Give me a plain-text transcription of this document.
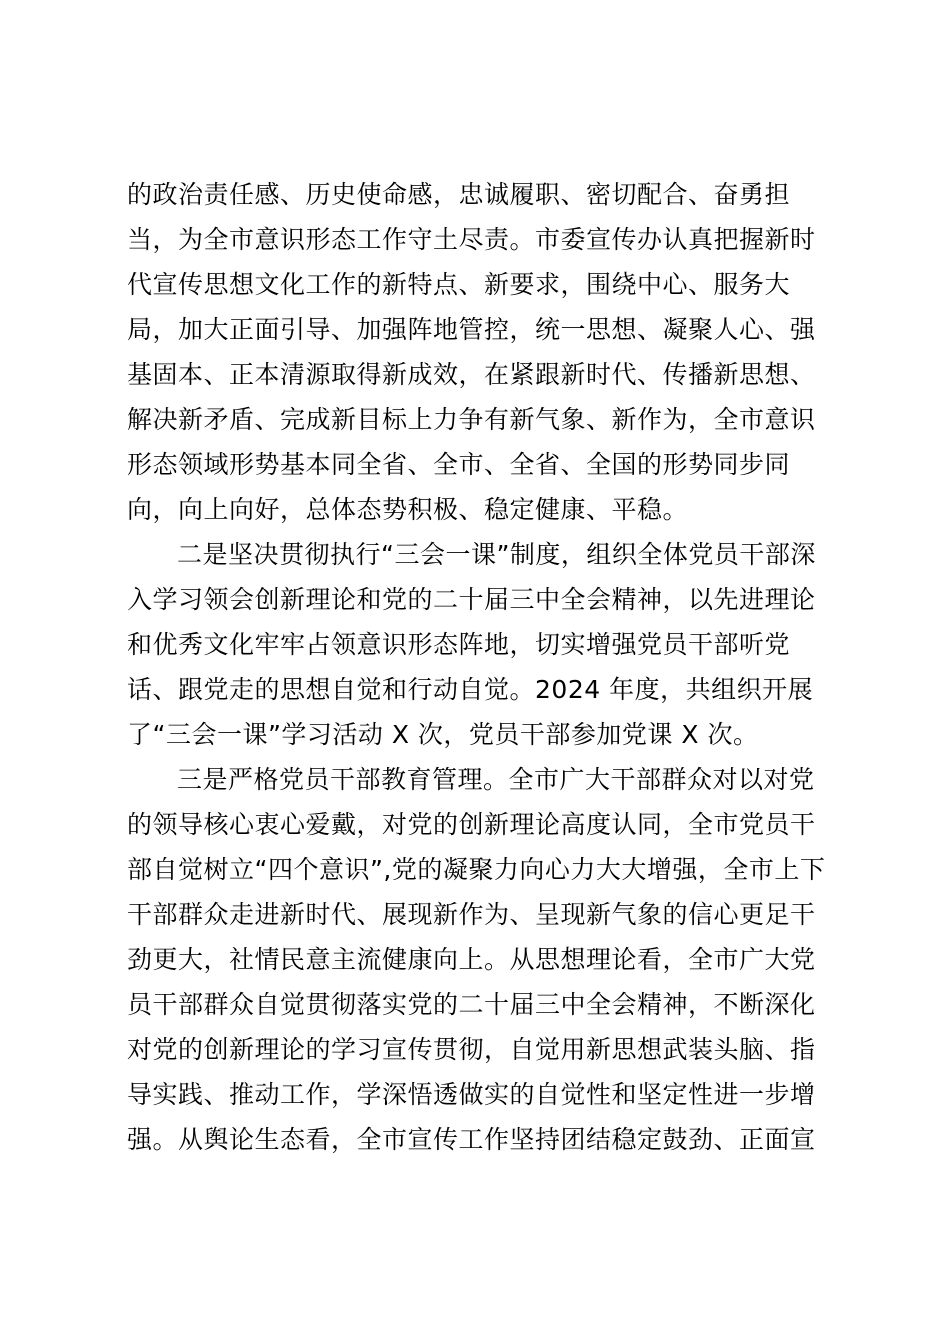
的政治责任感、历史使命感，忠诚履职、密切配合、奋勇担
当，为全市意识形态工作守土尽责。市委宣传办认真把握新时
代宣传思想文化工作的新特点、新要求，围绕中心、服务大
局，加大正面引导、加强阵地管控，统一思想、凝聚人心、强
基固本、正本清源取得新成效，在紧跟新时代、传播新思想、
解决新矛盾、完成新目标上力争有新气象、新作为，全市意识
形态领域形势基本同全省、全市、全省、全国的形势同步同
向，向上向好，总体态势积极、稳定健康、平稳。
二是坚决贯彻执行“三会一课”制度，组织全体党员干部深
入学习领会创新理论和党的二十届三中全会精神，以先进理论
和优秀文化牢牢占领意识形态阵地，切实增强党员干部听党
话、跟党走的思想自觉和行动自觉。2024 年度，共组织开展
了“三会一课”学习活动 X 次，党员干部参加党课 X 次。
三是严格党员干部教育管理。全市广大干部群众对以对党
的领导核心衷心爱戴，对党的创新理论高度认同，全市党员干
部自觉树立“四个意识”,党的凝聚力向心力大大增强，全市上下
干部群众走进新时代、展现新作为、呈现新气象的信心更足干
劲更大，社情民意主流健康向上。从思想理论看，全市广大党
员干部群众自觉贯彻落实党的二十届三中全会精神，不断深化
对党的创新理论的学习宣传贯彻，自觉用新思想武装头脑、指
导实践、推动工作，学深悟透做实的自觉性和坚定性进一步增
强。从舆论生态看，全市宣传工作坚持团结稳定鼓劲、正面宣
